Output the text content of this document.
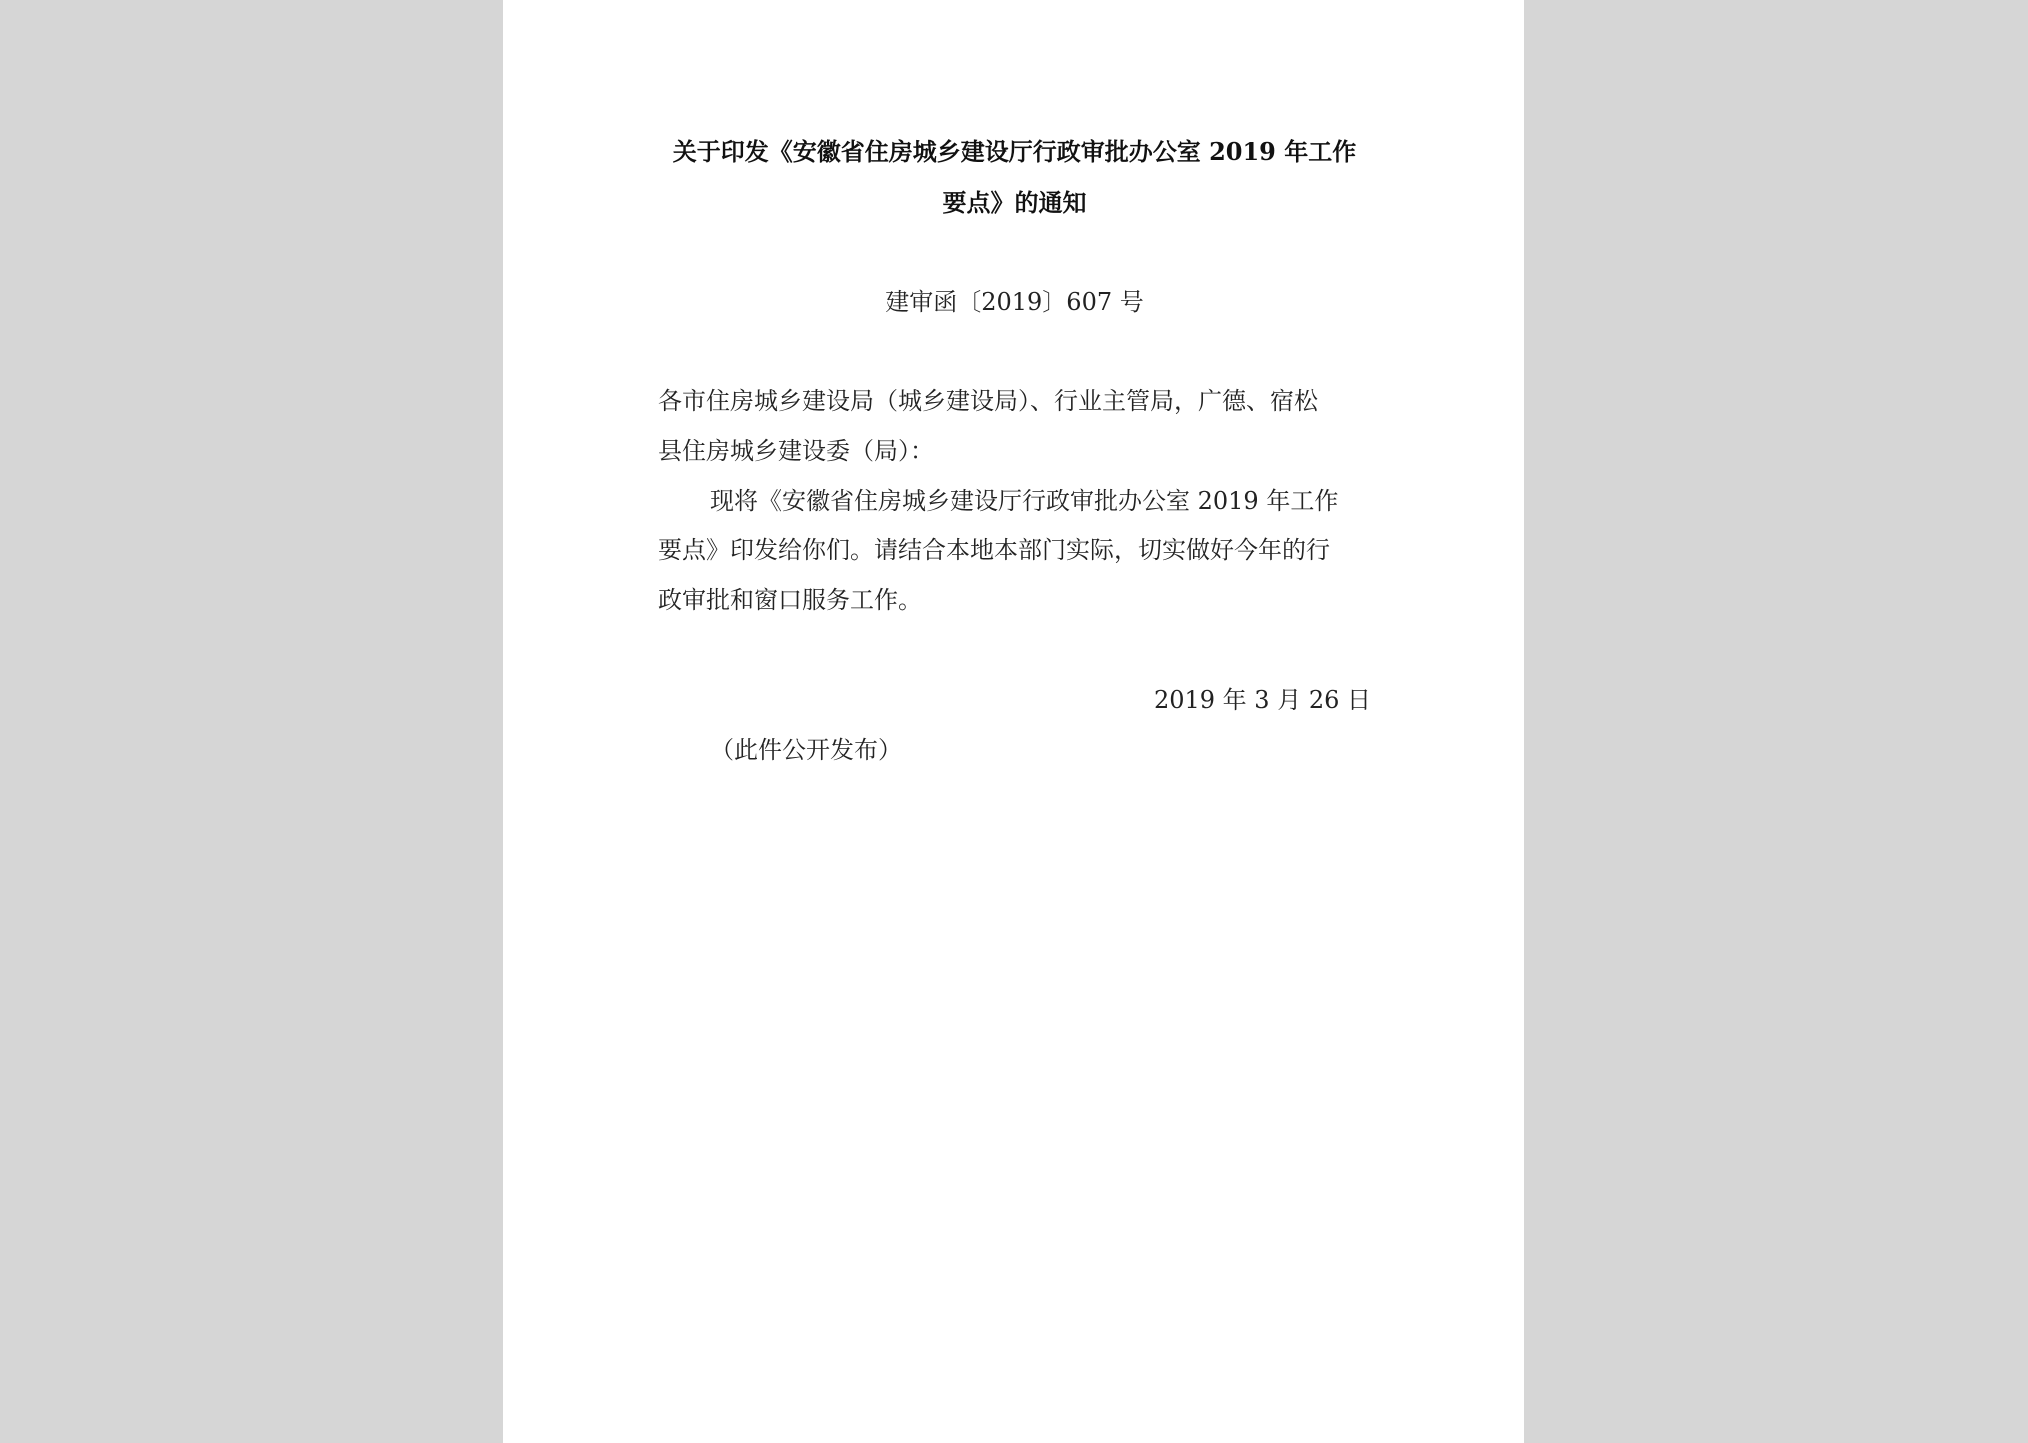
关于印发《安徽省住房城乡建设厅行政审批办公室 2019 年工作
要点》的通知
建审函〔2019〕607 号
各市住房城乡建设局（城乡建设局）、行业主管局，广德、宿松
县住房城乡建设委（局）：
现将《安徽省住房城乡建设厅行政审批办公室 2019 年工作
要点》印发给你们。请结合本地本部门实际，切实做好今年的行
政审批和窗口服务工作。
2019 年 3 月 26 日
（此件公开发布）
